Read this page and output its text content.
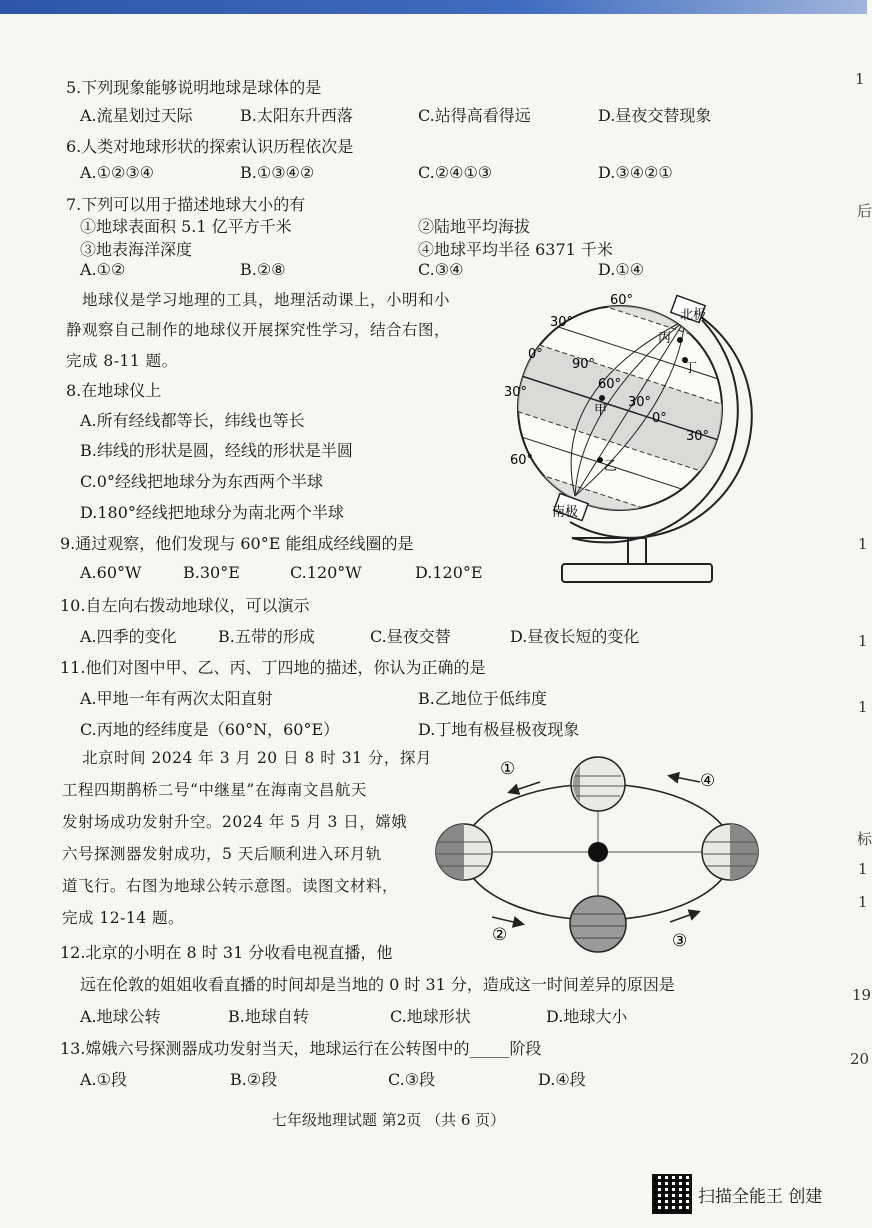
5.下列现象能够说明地球是球体的是
A.流星划过天际	B.太阳东升西落	C.站得高看得远	D.昼夜交替现象
6.人类对地球形状的探索认识历程依次是
A.①②③④	B.①③④②	C.②④①③	D.③④②①
7.下列可以用于描述地球大小的有
①地球表面积 5.1 亿平方千米	②陆地平均海拔
③地表海洋深度	④地球平均半径 6371 千米
A.①②	B.②⑧	C.③④	D.①④
地球仪是学习地理的工具，地理活动课上，小明和小
静观察自己制作的地球仪开展探究性学习，结合右图，
完成 8-11 题。
8.在地球仪上
A.所有经线都等长，纬线也等长
B.纬线的形状是圆，经线的形状是半圆
C.0°经线把地球分为东西两个半球
D.180°经线把地球分为南北两个半球
9.通过观察，他们发现与 60°E 能组成经线圈的是
A.60°W	B.30°E	C.120°W	D.120°E
10.自左向右拨动地球仪，可以演示
A.四季的变化	B.五带的形成	C.昼夜交替	D.昼夜长短的变化
11.他们对图中甲、乙、丙、丁四地的描述，你认为正确的是
A.甲地一年有两次太阳直射	B.乙地位于低纬度
C.丙地的经纬度是（60°N，60°E）	D.丁地有极昼极夜现象
北京时间 2024 年 3 月 20 日 8 时 31 分，探月
工程四期鹊桥二号“中继星”在海南文昌航天
发射场成功发射升空。2024 年 5 月 3 日，嫦娥
六号探测器发射成功，5 天后顺利进入环月轨
道飞行。右图为地球公转示意图。读图文材料，
完成 12-14 题。
12.北京的小明在 8 时 31 分收看电视直播，他
远在伦敦的姐姐收看直播的时间却是当地的 0 时 31 分，造成这一时间差异的原因是
A.地球公转	B.地球自转	C.地球形状	D.地球大小
13.嫦娥六号探测器成功发射当天，地球运行在公转图中的_____阶段
A.①段	B.②段	C.③段	D.④段
七年级地理试题 第2页 （共 6 页）
扫描全能王 创建
1
后
1
1
1
标
1
1
19
20
北极
南极
丙
丁
甲
乙
60°
30°
0°
30°
60°
90°
60°
30°
0°
30°
①
②	③
④
